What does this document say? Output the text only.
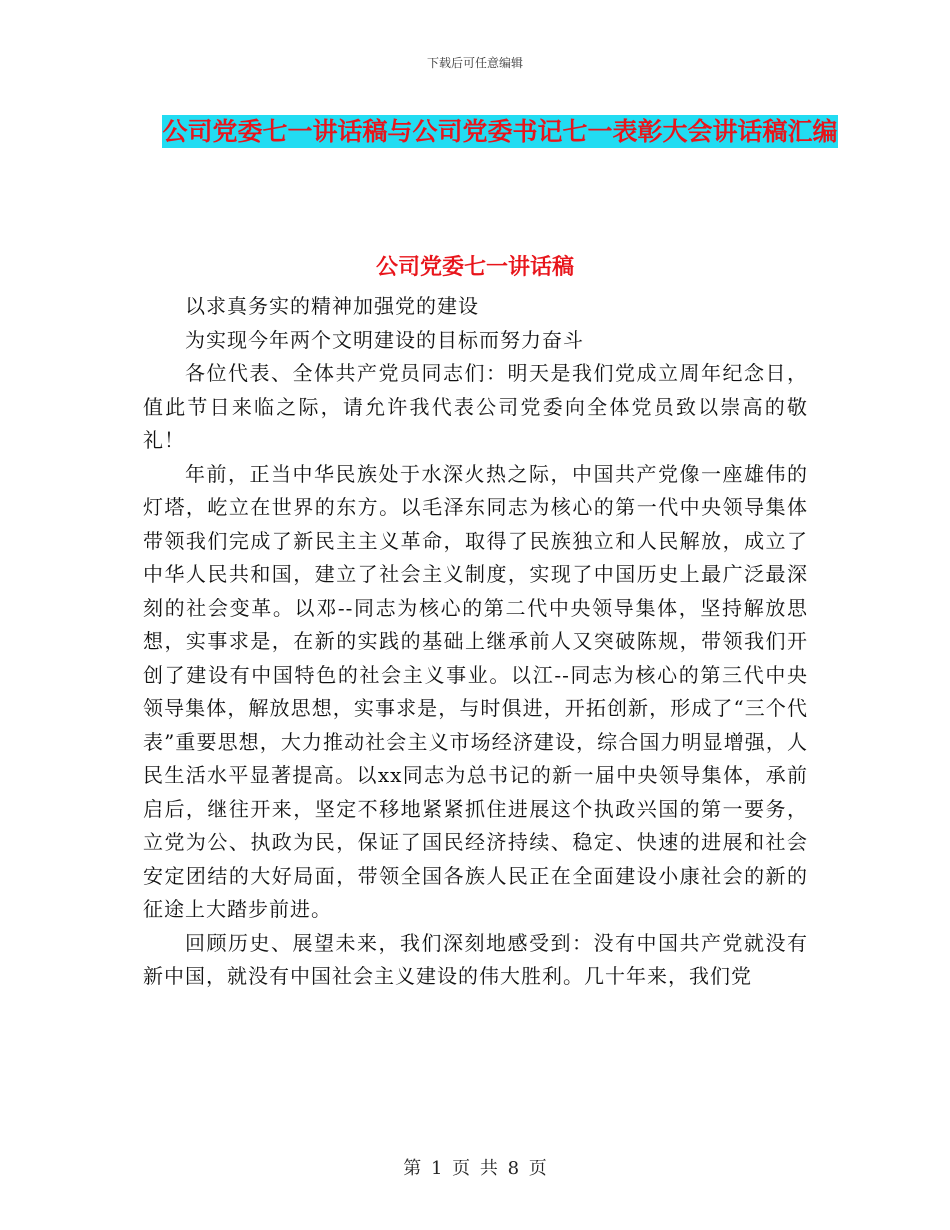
下载后可任意编辑
公司党委七一讲话稿与公司党委书记七一表彰大会讲话稿汇编
公司党委七一讲话稿

以求真务实的精神加强党的建设

为实现今年两个文明建设的目标而努力奋斗

各位代表、全体共产党员同志们：明天是我们党成立周年纪念日，值此节日来临之际，请允许我代表公司党委向全体党员致以崇高的敬礼！

年前，正当中华民族处于水深火热之际，中国共产党像一座雄伟的灯塔，屹立在世界的东方。以毛泽东同志为核心的第一代中央领导集体带领我们完成了新民主主义革命，取得了民族独立和人民解放，成立了中华人民共和国，建立了社会主义制度，实现了中国历史上最广泛最深刻的社会变革。以邓--同志为核心的第二代中央领导集体，坚持解放思想，实事求是，在新的实践的基础上继承前人又突破陈规，带领我们开创了建设有中国特色的社会主义事业。以江--同志为核心的第三代中央领导集体，解放思想，实事求是，与时俱进，开拓创新，形成了“三个代表”重要思想，大力推动社会主义市场经济建设，综合国力明显增强，人民生活水平显著提高。以xx同志为总书记的新一届中央领导集体，承前启后，继往开来，坚定不移地紧紧抓住进展这个执政兴国的第一要务，立党为公、执政为民，保证了国民经济持续、稳定、快速的进展和社会安定团结的大好局面，带领全国各族人民正在全面建设小康社会的新的征途上大踏步前进。

回顾历史、展望未来，我们深刻地感受到：没有中国共产党就没有新中国，就没有中国社会主义建设的伟大胜利。几十年来，我们党

第 1 页 共 8 页
